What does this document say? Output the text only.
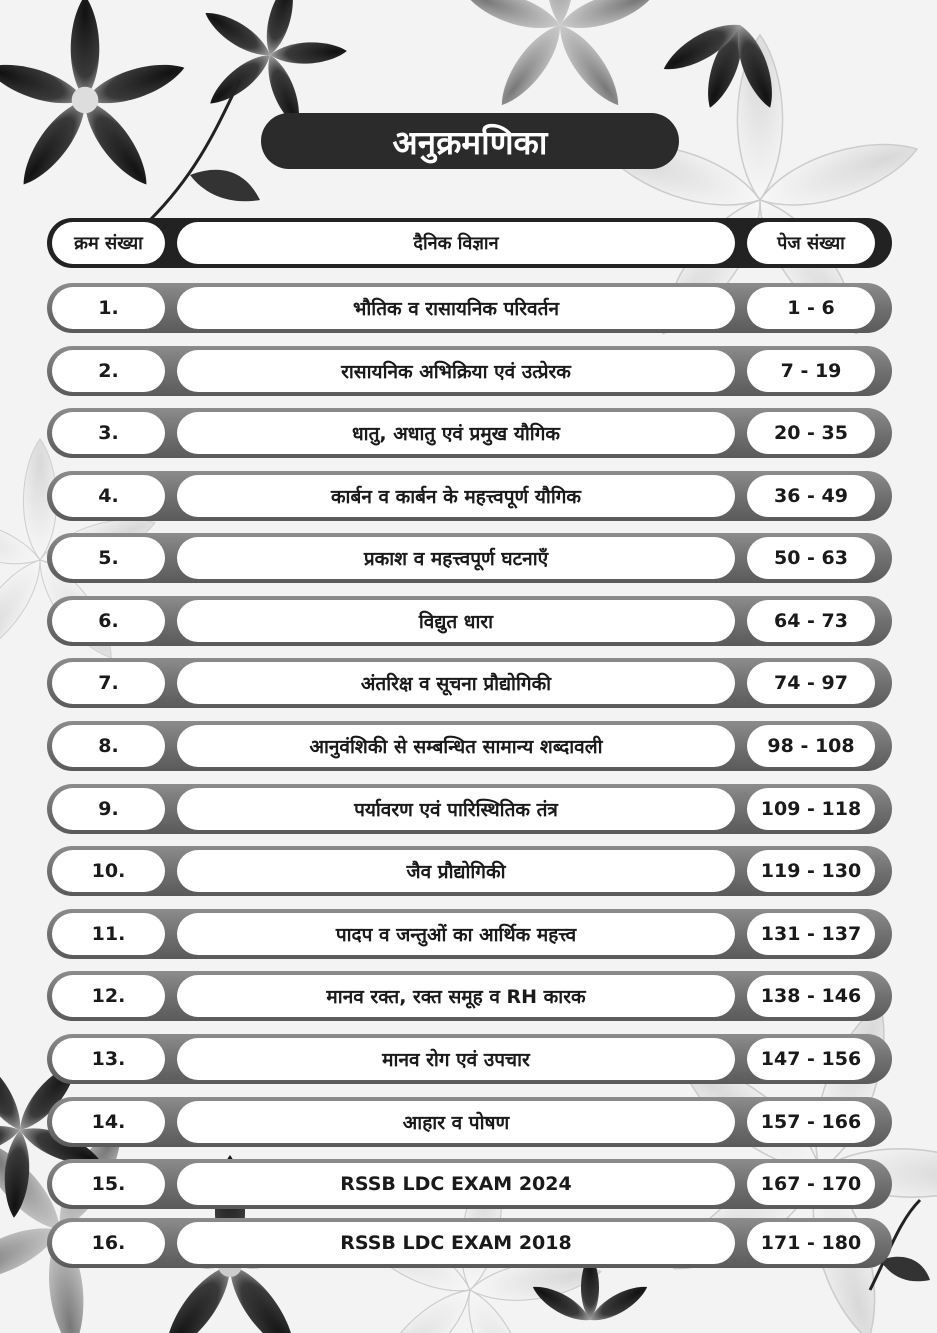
अनुक्रमणिका
क्रम संख्या	दैनिक विज्ञान	पेज संख्या
1.	भौतिक व रासायनिक परिवर्तन	1 - 6
2.	रासायनिक अभिक्रिया एवं उत्प्रेरक	7 - 19
3.	धातु, अधातु एवं प्रमुख यौगिक	20 - 35
4.	कार्बन व कार्बन के महत्त्वपूर्ण यौगिक	36 - 49
5.	प्रकाश व महत्त्वपूर्ण घटनाएँ	50 - 63
6.	विद्युत धारा	64 - 73
7.	अंतरिक्ष व सूचना प्रौद्योगिकी	74 - 97
8.	आनुवंशिकी से सम्बन्धित सामान्य शब्दावली	98 - 108
9.	पर्यावरण एवं पारिस्थितिक तंत्र	109 - 118
10.	जैव प्रौद्योगिकी	119 - 130
11.	पादप व जन्तुओं का आर्थिक महत्त्व	131 - 137
12.	मानव रक्त, रक्त समूह व RH कारक	138 - 146
13.	मानव रोग एवं उपचार	147 - 156
14.	आहार व पोषण	157 - 166
15.	RSSB LDC EXAM 2024	167 - 170
16.	RSSB LDC EXAM 2018	171 - 180
